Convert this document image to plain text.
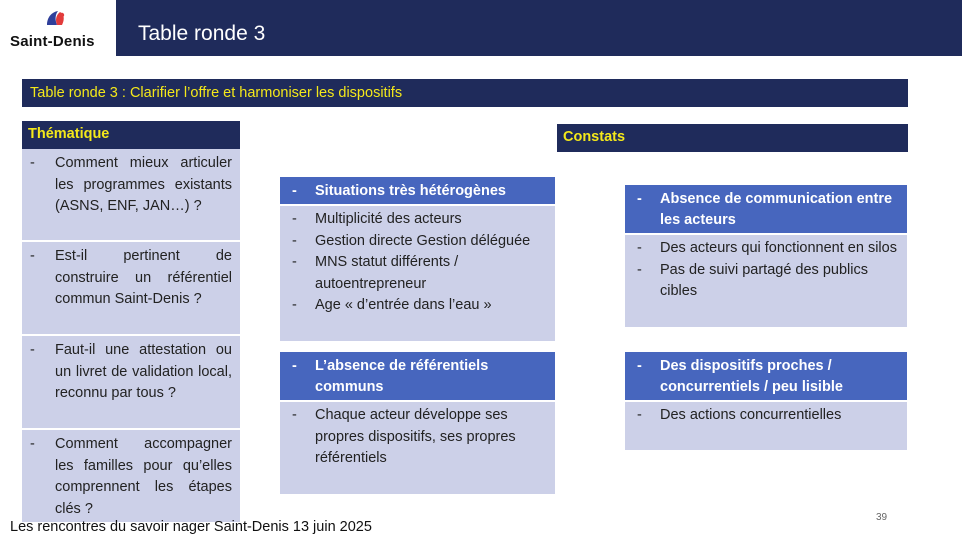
Saint-Denis Table ronde 3
Table ronde 3 : Clarifier l’offre et harmoniser les dispositifs
Thématique
- Comment mieux articuler les programmes existants (ASNS, ENF, JAN…) ?
- Est-il pertinent de construire un référentiel commun Saint-Denis ?
- Faut-il une attestation ou un livret de validation local, reconnu par tous ?
- Comment accompagner les familles pour qu’elles comprennent les étapes clés ?
Constats
- Situations très hétérogènes
- Multiplicité des acteurs
- Gestion directe Gestion déléguée
- MNS statut différents / autoentrepreneur
- Age « d’entrée dans l’eau »
- L’absence de référentiels communs
- Chaque acteur développe ses propres dispositifs, ses propres référentiels
- Absence de communication entre les acteurs
- Des acteurs qui fonctionnent en silos
- Pas de suivi partagé des publics cibles
- Des dispositifs proches / concurrentiels / peu lisible
- Des actions concurrentielles
39
Les rencontres du savoir nager Saint-Denis 13 juin 2025
